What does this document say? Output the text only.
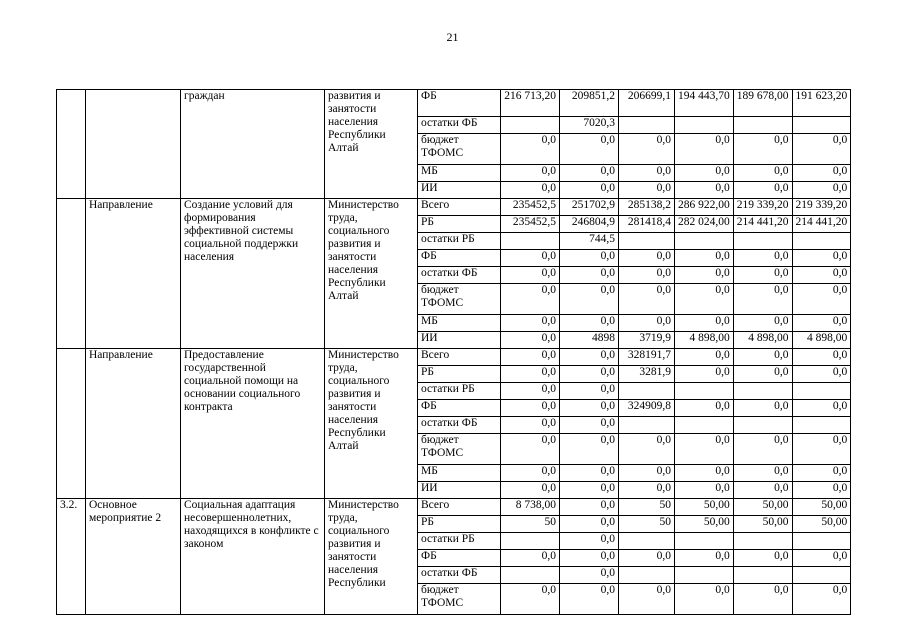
21
		граждан	развития и занятости населения Республики Алтай	ФБ	216 713,20	209851,2	206699,1	194 443,70	189 678,00	191 623,20
				остатки ФБ		7020,3				
				бюджет ТФОМС	0,0	0,0	0,0	0,0	0,0	0,0
				МБ	0,0	0,0	0,0	0,0	0,0	0,0
				ИИ	0,0	0,0	0,0	0,0	0,0	0,0
	Направление	Создание условий для формирования эффективной системы социальной поддержки населения	Министерство труда, социального развития и занятости населения Республики Алтай	Всего	235452,5	251702,9	285138,2	286 922,00	219 339,20	219 339,20
				РБ	235452,5	246804,9	281418,4	282 024,00	214 441,20	214 441,20
				остатки РБ		744,5				
				ФБ	0,0	0,0	0,0	0,0	0,0	0,0
				остатки ФБ	0,0	0,0	0,0	0,0	0,0	0,0
				бюджет ТФОМС	0,0	0,0	0,0	0,0	0,0	0,0
				МБ	0,0	0,0	0,0	0,0	0,0	0,0
				ИИ	0,0	4898	3719,9	4 898,00	4 898,00	4 898,00
	Направление	Предоставление государственной социальной помощи на основании социального контракта	Министерство труда, социального развития и занятости населения Республики Алтай	Всего	0,0	0,0	328191,7	0,0	0,0	0,0
				РБ	0,0	0,0	3281,9	0,0	0,0	0,0
				остатки РБ	0,0	0,0				
				ФБ	0,0	0,0	324909,8	0,0	0,0	0,0
				остатки ФБ	0,0	0,0				
				бюджет ТФОМС	0,0	0,0	0,0	0,0	0,0	0,0
				МБ	0,0	0,0	0,0	0,0	0,0	0,0
				ИИ	0,0	0,0	0,0	0,0	0,0	0,0
3.2.	Основное мероприятие 2	Социальная адаптация несовершеннолетних, находящихся в конфликте с законом	Министерство труда, социального развития и занятости населения Республики	Всего	8 738,00	0,0	50	50,00	50,00	50,00
				РБ	50	0,0	50	50,00	50,00	50,00
				остатки РБ		0,0				
				ФБ	0,0	0,0	0,0	0,0	0,0	0,0
				остатки ФБ		0,0				
				бюджет ТФОМС	0,0	0,0	0,0	0,0	0,0	0,0
